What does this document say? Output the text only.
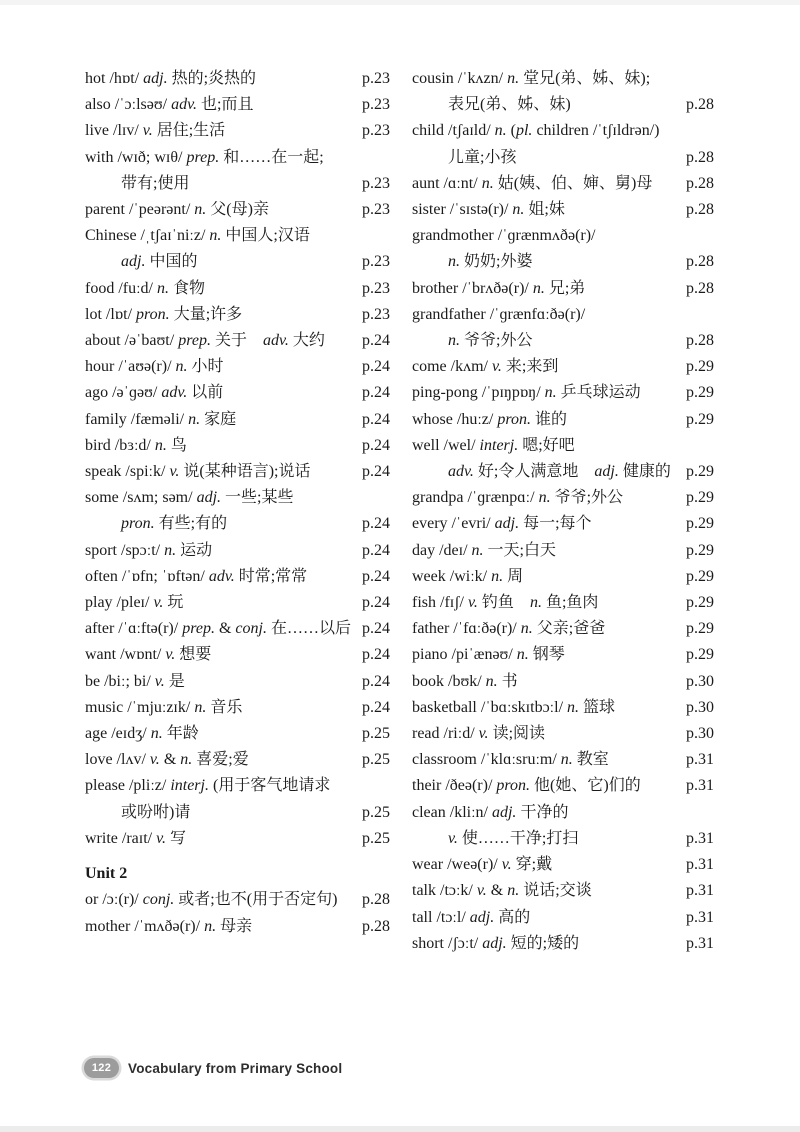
hot /hɒt/ adj. 热的;炎热的	p.23
also /ˈɔːlsəʊ/ adv. 也;而且	p.23
live /lɪv/ v. 居住;生活	p.23
with /wɪð; wɪθ/ prep. 和……在一起;
带有;使用	p.23
parent /ˈpeərənt/ n. 父(母)亲	p.23
Chinese /ˌtʃaɪˈniːz/ n. 中国人;汉语
adj. 中国的	p.23
food /fuːd/ n. 食物	p.23
lot /lɒt/ pron. 大量;许多	p.23
about /əˈbaʊt/ prep. 关于　adv. 大约	p.24
hour /ˈaʊə(r)/ n. 小时	p.24
ago /əˈɡəʊ/ adv. 以前	p.24
family /fæməli/ n. 家庭	p.24
bird /bɜːd/ n. 鸟	p.24
speak /spiːk/ v. 说(某种语言);说话	p.24
some /sʌm; səm/ adj. 一些;某些
pron. 有些;有的	p.24
sport /spɔːt/ n. 运动	p.24
often /ˈɒfn; ˈɒftən/ adv. 时常;常常	p.24
play /pleɪ/ v. 玩	p.24
after /ˈɑːftə(r)/ prep. & conj. 在……以后 p.24
want /wɒnt/ v. 想要	p.24
be /biː; bi/ v. 是	p.24
music /ˈmjuːzɪk/ n. 音乐	p.24
age /eɪdʒ/ n. 年龄	p.25
love /lʌv/ v. & n. 喜爱;爱	p.25
please /pliːz/ interj. (用于客气地请求
或吩咐)请	p.25
write /raɪt/ v. 写	p.25
Unit 2
or /ɔː(r)/ conj. 或者;也不(用于否定句)	p.28
mother /ˈmʌðə(r)/ n. 母亲	p.28
cousin /ˈkʌzn/ n. 堂兄(弟、姊、妹);
表兄(弟、姊、妹)	p.28
child /tʃaɪld/ n. (pl. children /ˈtʃɪldrən/)
儿童;小孩	p.28
aunt /ɑːnt/ n. 姑(姨、伯、婶、舅)母	p.28
sister /ˈsɪstə(r)/ n. 姐;妹	p.28
grandmother /ˈɡrænmʌðə(r)/
n. 奶奶;外婆	p.28
brother /ˈbrʌðə(r)/ n. 兄;弟	p.28
grandfather /ˈɡrænfɑːðə(r)/
n. 爷爷;外公	p.28
come /kʌm/ v. 来;来到	p.29
ping-pong /ˈpɪŋpɒŋ/ n. 乒乓球运动	p.29
whose /huːz/ pron. 谁的	p.29
well /wel/ interj. 嗯;好吧
adv. 好;令人满意地　adj. 健康的 p.29
grandpa /ˈɡrænpɑː/ n. 爷爷;外公	p.29
every /ˈevri/ adj. 每一;每个	p.29
day /deɪ/ n. 一天;白天	p.29
week /wiːk/ n. 周	p.29
fish /fɪʃ/ v. 钓鱼　n. 鱼;鱼肉	p.29
father /ˈfɑːðə(r)/ n. 父亲;爸爸	p.29
piano /piˈænəʊ/ n. 钢琴	p.29
book /bʊk/ n. 书	p.30
basketball /ˈbɑːskɪtbɔːl/ n. 篮球	p.30
read /riːd/ v. 读;阅读	p.30
classroom /ˈklɑːsruːm/ n. 教室	p.31
their /ðeə(r)/ pron. 他(她、它)们的	p.31
clean /kliːn/ adj. 干净的
v. 使……干净;打扫	p.31
wear /weə(r)/ v. 穿;戴	p.31
talk /tɔːk/ v. & n. 说话;交谈	p.31
tall /tɔːl/ adj. 高的	p.31
short /ʃɔːt/ adj. 短的;矮的	p.31
122	Vocabulary from Primary School
